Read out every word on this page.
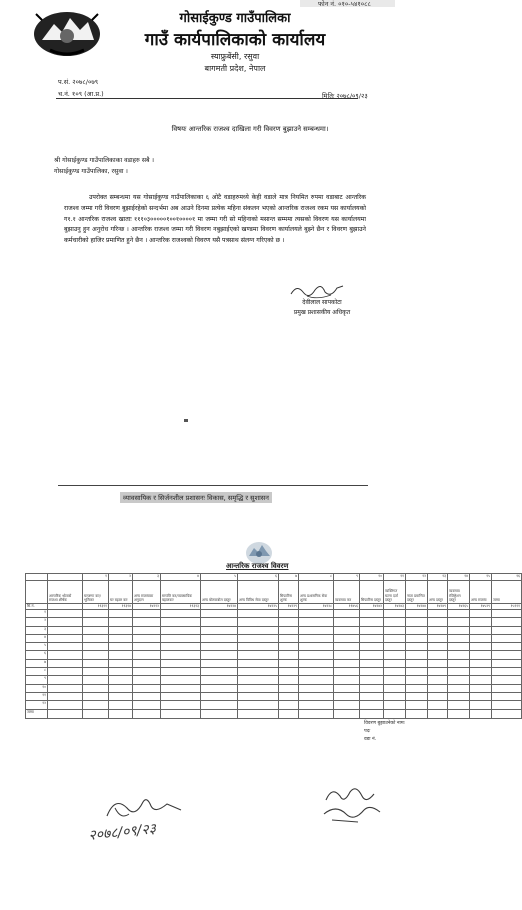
फोन नं. ०१०-५४१०८८
गोसाईकुण्ड गाउँपालिका
गाउँ कार्यपालिकाको कार्यालय
स्याफ्रुबेंसी, रसुवा
बागमती प्रदेश, नेपाल
प.सं. २०७८/०७९
च.नं. १०९ (आ.प्र.)	मितिः २०७८/०९/२३
विषयः आन्तरिक राजश्व दाखिला गरी विवरण बुझाउने सम्बन्धमा।
श्री गोसाईकुण्ड गाउँपालिकाका वडाहरु सबै ।
गोसाईकुण्ड गाउँपालिका, रसुवा ।
उपरोक्त सम्बन्धमा यस गोसाईकुण्ड गाउँपालिकाका ६ ओटै वडाहरुमध्ये केही वडाले मात्र नियमित रुपमा वडाबाट आन्तरिक राजश्व जम्मा गरी विवरण बुझाईरहेको सन्दर्भमा अब आउने दिनमा प्रत्येक महिना संकलन भएको आन्तरिक राजश्व रकम यस कार्यालयको ग१.१ आन्तरिक राजश्व खाताः १११०३०००००१००१००००१ मा जम्मा गरी सो महिनाको मसान्त सम्ममा त्यसको विवरण यस कार्यालयमा बुझाउनु हुन अनुरोध गरिन्छ । आन्तरिक राजश्व जम्मा गरी विवरण नबुझाईएको खण्डमा विवरण कार्यालयले बुझ्ने छैन र विवरण बुझाउने कर्मचारीको हाजिर प्रमाणित हुने छैन । आन्तरिक राजश्वको विवरण यसै पत्रसाथ संलग्न गरिएको छ ।
देवीलाल सापकोटा
प्रमुख प्रशासकीय अधिकृत
व्यावसायिक र सिर्जनशील प्रशासनः विकास, समृद्धि र सुशासन
आन्तरिक राजश्व विवरण
		१	२	३	४	५	६	७	८	९	१०	११	१२	१३	१४	१५	१६
	आन्तरिक श्रोतको राजश्व शीर्षक	घरजग्गा कर/भूमिकर	घर बहाल कर	अन्य राजस्वका अनुदान	सम्पत्ति कर/व्यवसायिक बहालकर	अन्य बोलकबोल दस्तुर	अन्य विविध सेवा दस्तुर	सिफारिस शुल्क	अन्य प्रशासनिक सेवा शुल्क	व्यवसाय कर	सिफारिस दस्तुर	व्यक्तिगत घटना दर्ता दस्तुर	नाता प्रमाणित दस्तुर	अन्य दस्तुर	व्यवसाय रजिष्ट्रेशन दस्तुर	अन्य राजस्व	जम्मा
सि.नं.		११३११	११३१४	१४२१२	११३१३	१४२२४	१४२२५	१४२२९	१४२२८	११४५६	१४२४२	१४२४३	१४२४४	१४२४९	१४२६५	१४५२९	१५१११
१																	
२																	
३																	
४																	
५																	
६																	
७																	
८																	
९																	
१०																	
११																	
१२																	
जम्मा																	
विवरण बुझाउनेको नामः
पदः
वडा नं.
२०७८/०९/२३
